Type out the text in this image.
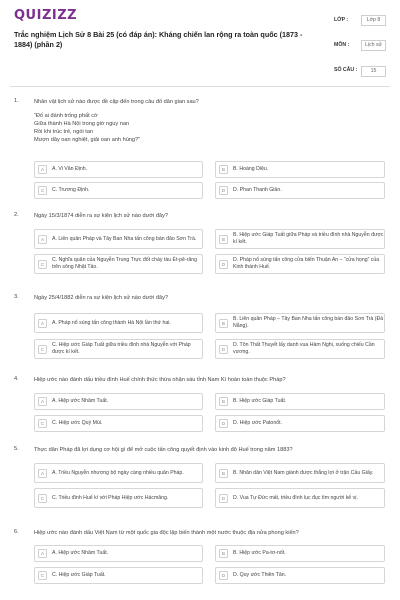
QUIZIZZ
Trắc nghiệm Lịch Sử 8 Bài 25 (có đáp án): Kháng chiến lan rộng ra toàn quốc (1873 - 1884) (phần 2)
LỚP :	Lớp 8
MÔN :	Lịch sử
SỐ CÂU :	15
1.	Nhân vật lịch sử nào được đề cập đến trong câu đố dân gian sau?
“Đố ai đánh trống phất cờ
Giữa thành Hà Nội trong giờ nguy nan
Rồi khi trúc trẻ, ngói tan
Mượn dây oan nghiệt, giải oan anh hùng?”
A	A. Vi Văn Định.	B	B. Hoàng Diệu.
C	C. Trương Định.	D	D. Phan Thanh Giản.
2.	Ngày 15/3/1874 diễn ra sự kiện lịch sử nào dưới đây?
A	A. Liên quân Pháp và Tây Ban Nha tấn công bán đảo Sơn Trà.	B
B. Hiệp ước Giáp Tuất giữa Pháp và triều đình nhà Nguyễn được kí kết.
C
C. Nghĩa quân của Nguyễn Trung Trực đốt cháy tàu Ét-pê-răng trên sông Nhật Tảo.	D
D. Pháp nổ súng tấn công cửa biển Thuận An – “cửa họng” của Kinh thành Huế.
3.	Ngày 25/4/1882 diễn ra sự kiện lịch sử nào dưới đây?
A	A. Pháp nổ súng tấn công thành Hà Nội lần thứ hai.	B
B. Liên quân Pháp – Tây Ban Nha tấn công bán đảo Sơn Trà (Đà Nẵng).
C
C. Hiệp ước Giáp Tuất giữa triều đình nhà Nguyễn với Pháp được kí kết.	D
D. Tôn Thất Thuyết lấy danh vua Hàm Nghi, xuống chiếu Cần vương.
4.	Hiệp ước nào đánh dấu triều đình Huế chính thức thừa nhận sáu tỉnh Nam Kì hoàn toàn thuộc Pháp?
A	A. Hiệp ước Nhâm Tuất.	B	B. Hiệp ước Giáp Tuất.
C	C. Hiệp ước Quý Mùi.	D	D. Hiệp ước Patonốt.
5.	Thực dân Pháp đã lợi dụng cơ hội gì để mở cuộc tấn công quyết định vào kinh đô Huế trong năm 1883?
A	A. Triều Nguyễn nhượng bộ ngày càng nhiều quân Pháp.	B	B. Nhân dân Việt Nam giành được thắng lợi ở trận Cầu Giấy.
C	C. Triều đình Huế kí với Pháp Hiệp ước Hácmăng.	D	D. Vua Tự Đức mất, triều đình lục đục tìm người kế vị.
6.	Hiệp ước nào đánh dấu Việt Nam từ một quốc gia độc lập biến thành một nước thuộc địa nửa phong kiến?
A	A. Hiệp ước Nhâm Tuất.	B	B. Hiệp ước Pa-tơ-nốt.
C	C. Hiệp ước Giáp Tuất.	D	D. Quy ước Thiên Tân.
